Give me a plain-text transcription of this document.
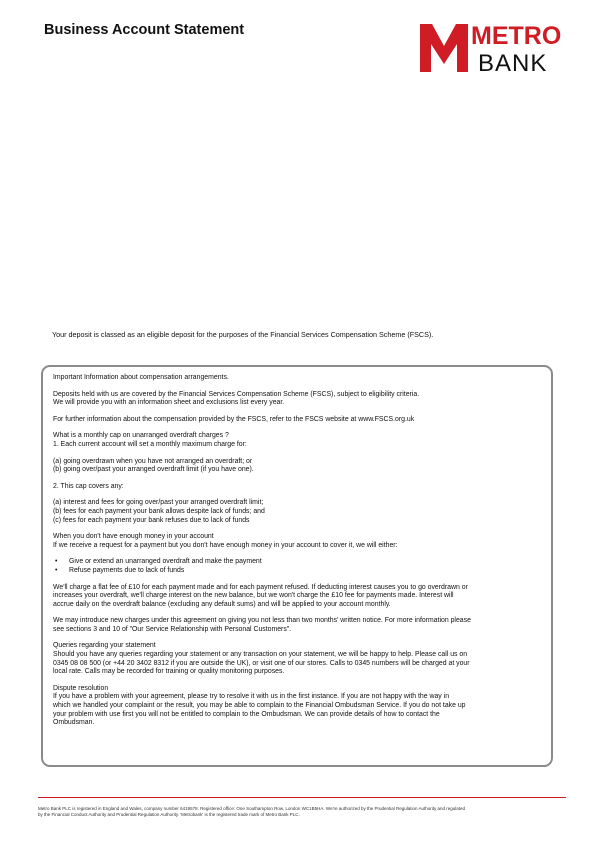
Business Account Statement	METRO
BANK
Your deposit is classed as an eligible deposit for the purposes of the Financial Services Compensation Scheme (FSCS).

Important Information about compensation arrangements.

Deposits held with us are covered by the Financial Services Compensation Scheme (FSCS), subject to eligibility criteria.
We will provide you with an information sheet and exclusions list every year.

For further information about the compensation provided by the FSCS, refer to the FSCS website at www.FSCS.org.uk

What is a monthly cap on unarranged overdraft charges ?
1. Each current account will set a monthly maximum charge for:

(a) going overdrawn when you have not arranged an overdraft; or
(b) going over/past your arranged overdraft limit (if you have one).

2. This cap covers any:

(a) interest and fees for going over/past your arranged overdraft limit;
(b) fees for each payment your bank allows despite lack of funds; and
(c) fees for each payment your bank refuses due to lack of funds

When you don't have enough money in your account
If we receive a request for a payment but you don't have enough money in your account to cover it, we will either:

• Give or extend an unarranged overdraft and make the payment
• Refuse payments due to lack of funds

We'll charge a flat fee of £10 for each payment made and for each payment refused. If deducting interest causes you to go overdrawn or
increases your overdraft, we'll charge interest on the new balance, but we won't charge the £10 fee for payments made. Interest will
accrue daily on the overdraft balance (excluding any default sums) and will be applied to your account monthly.

We may introduce new charges under this agreement on giving you not less than two months' written notice. For more information please
see sections 3 and 10 of "Our Service Relationship with Personal Customers".

Queries regarding your statement
Should you have any queries regarding your statement or any transaction on your statement, we will be happy to help. Please call us on
0345 08 08 500 (or +44 20 3402 8312 if you are outside the UK), or visit one of our stores. Calls to 0345 numbers will be charged at your
local rate. Calls may be recorded for training or quality monitoring purposes.

Dispute resolution
If you have a problem with your agreement, please try to resolve it with us in the first instance. If you are not happy with the way in
which we handled your complaint or the result, you may be able to complain to the Financial Ombudsman Service. If you do not take up
your problem with use first you will not be entitled to complain to the Ombudsman. We can provide details of how to contact the
Ombudsman.

Metro Bank PLC is registered in England and Wales, company number 6419578. Registered office: One Southampton Row, London WC1B5HA. We're authorized by the Prudential Regulation Authority and regulated
by the Financial Conduct Authority and Prudential Regulation Authority. 'Metrobank' is the registered trade mark of Metro Bank PLC.
